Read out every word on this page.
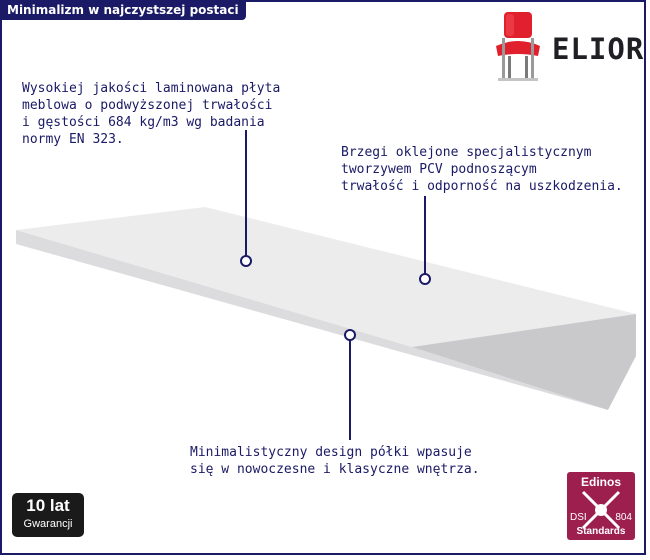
Minimalizm w najczystszej postaci
ELIOR
Wysokiej jakości laminowana płyta
meblowa o podwyższonej trwałości
i gęstości 684 kg/m3 wg badania
normy EN 323.
Brzegi oklejone specjalistycznym
tworzywem PCV podnoszącym
trwałość i odporność na uszkodzenia.
Minimalistyczny design półki wpasuje
się w nowoczesne i klasyczne wnętrza.
10 lat
Gwarancji
Edinos
DSI	804
Standards
